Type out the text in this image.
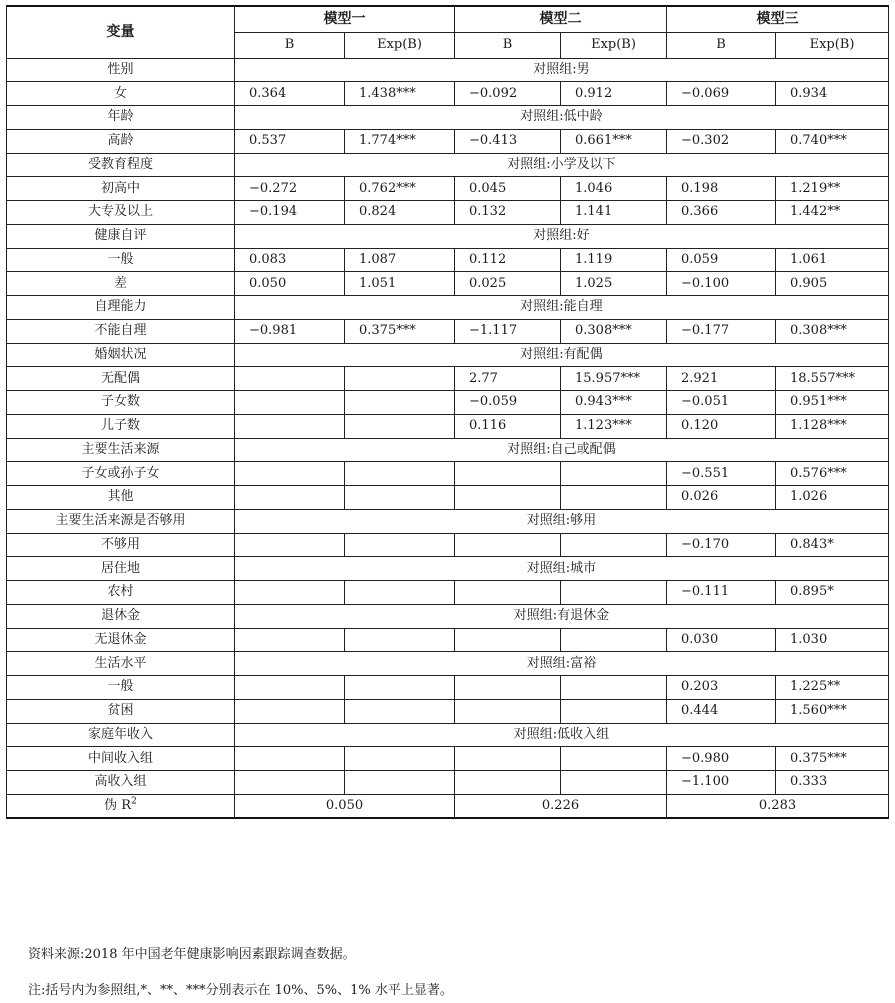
变量	模型一		模型二		模型三	
	B	Exp(B)	B	Exp(B)	B	Exp(B)
性别	对照组:男					
女	0.364	1.438***	−0.092	0.912	−0.069	0.934
年龄	对照组:低中龄					
高龄	0.537	1.774***	−0.413	0.661***	−0.302	0.740***
受教育程度	对照组:小学及以下					
初高中	−0.272	0.762***	0.045	1.046	0.198	1.219**
大专及以上	−0.194	0.824	0.132	1.141	0.366	1.442**
健康自评	对照组:好					
一般	0.083	1.087	0.112	1.119	0.059	1.061
差	0.050	1.051	0.025	1.025	−0.100	0.905
自理能力	对照组:能自理					
不能自理	−0.981	0.375***	−1.117	0.308***	−0.177	0.308***
婚姻状况	对照组:有配偶					
无配偶			2.77	15.957***	2.921	18.557***
子女数			−0.059	0.943***	−0.051	0.951***
儿子数			0.116	1.123***	0.120	1.128***
主要生活来源	对照组:自己或配偶					
子女或孙子女					−0.551	0.576***
其他					0.026	1.026
主要生活来源是否够用	对照组:够用					
不够用					−0.170	0.843*
居住地	对照组:城市					
农村					−0.111	0.895*
退休金	对照组:有退休金					
无退休金					0.030	1.030
生活水平	对照组:富裕					
一般					0.203	1.225**
贫困					0.444	1.560***
家庭年收入	对照组:低收入组					
中间收入组					−0.980	0.375***
高收入组					−1.100	0.333
伪 $R^2$	0.050		0.226		0.283	
资料来源:2018 年中国老年健康影响因素跟踪调查数据。
注:括号内为参照组,*、**、***分别表示在 10%、5%、1% 水平上显著。
